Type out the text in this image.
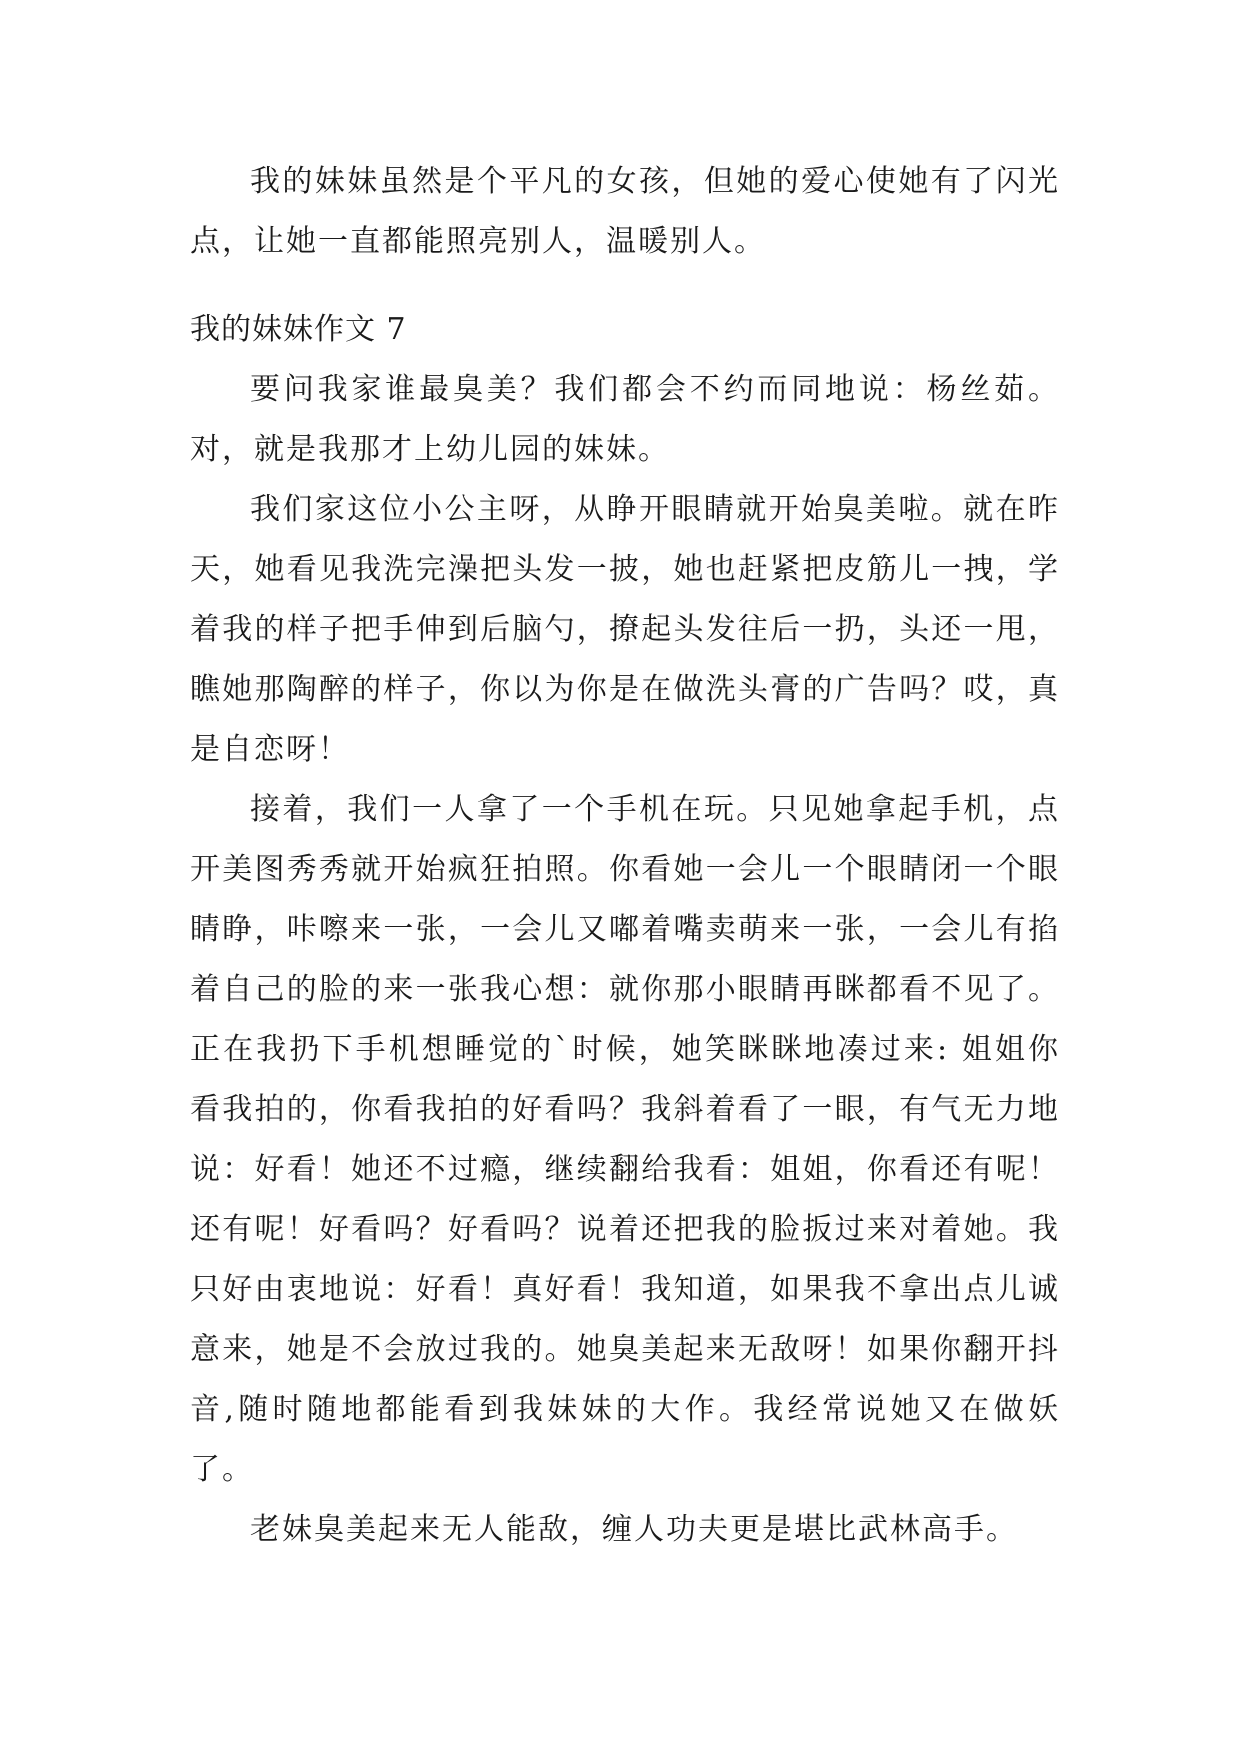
我的妹妹虽然是个平凡的女孩，但她的爱心使她有了闪光点，让她一直都能照亮别人，温暖别人。

我的妹妹作文 7

要问我家谁最臭美？我们都会不约而同地说：杨丝茹。对，就是我那才上幼儿园的妹妹。

我们家这位小公主呀，从睁开眼睛就开始臭美啦。就在昨天，她看见我洗完澡把头发一披，她也赶紧把皮筋儿一拽，学着我的样子把手伸到后脑勺，撩起头发往后一扔，头还一甩，瞧她那陶醉的样子，你以为你是在做洗头膏的广告吗？哎，真是自恋呀！

接着，我们一人拿了一个手机在玩。只见她拿起手机，点开美图秀秀就开始疯狂拍照。你看她一会儿一个眼睛闭一个眼睛睁，咔嚓来一张，一会儿又嘟着嘴卖萌来一张，一会儿有掐着自己的脸的来一张我心想：就你那小眼睛再眯都看不见了。正在我扔下手机想睡觉的`时候，她笑眯眯地凑过来: 姐姐你看我拍的，你看我拍的好看吗？我斜着看了一眼，有气无力地说：好看！她还不过瘾，继续翻给我看：姐姐，你看还有呢！还有呢！好看吗？好看吗？说着还把我的脸扳过来对着她。我只好由衷地说：好看！真好看！我知道，如果我不拿出点儿诚意来，她是不会放过我的。她臭美起来无敌呀！如果你翻开抖音,随时随地都能看到我妹妹的大作。我经常说她又在做妖了。

老妹臭美起来无人能敌，缠人功夫更是堪比武林高手。
